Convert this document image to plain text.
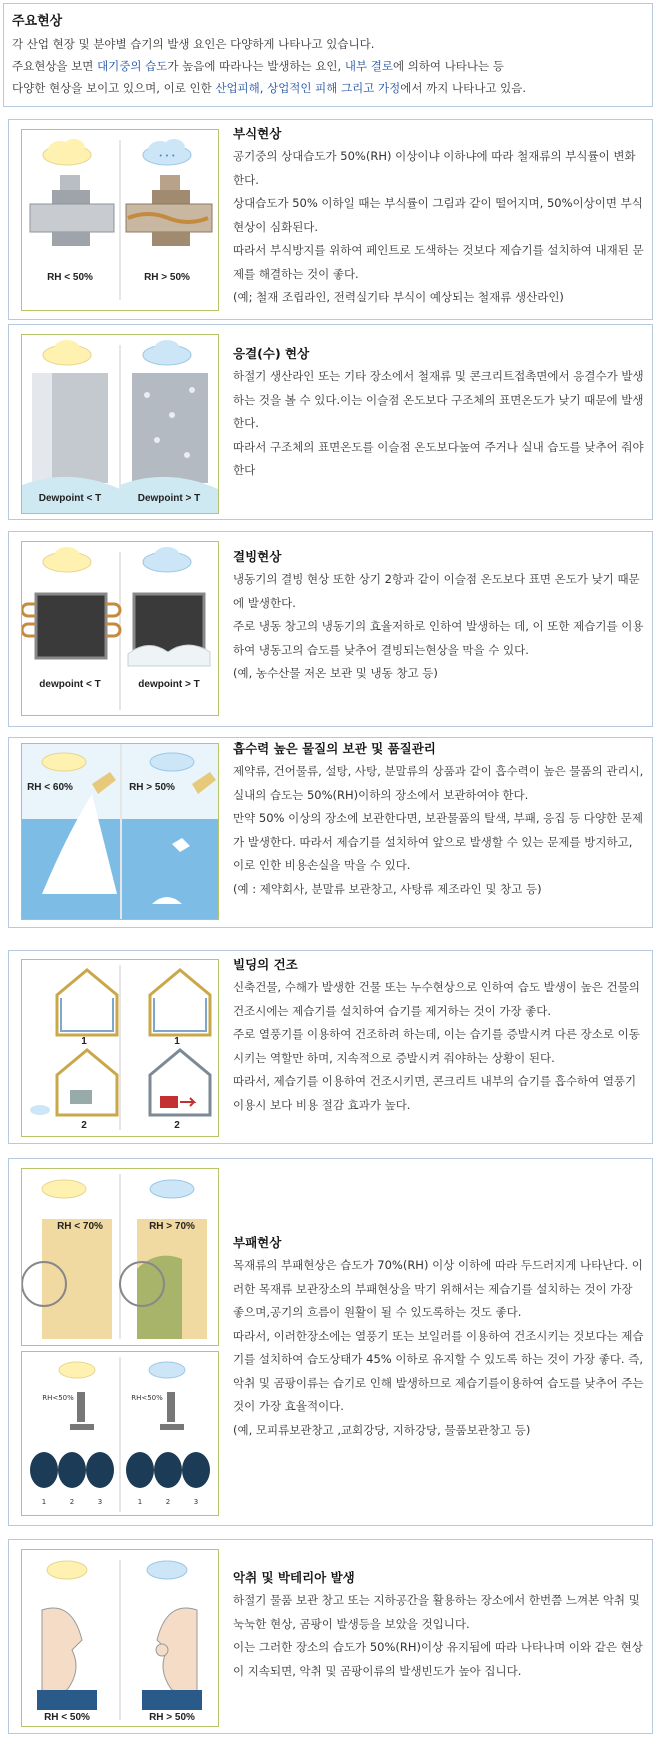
주요현상

각 산업 현장 및 분야별 습기의 발생 요인은 다양하게 나타나고 있습니다.

주요현상을 보면 대기중의 습도가 높음에 따라나는 발생하는 요인, 내부 결로에 의하여 나타나는 등

다양한 현상을 보이고 있으며, 이로 인한 산업피해, 상업적인 피해 그리고 가정에서 까지 나타나고 있음.

• • •
RH < 50%	RH > 50%
부식현상

공기중의 상대습도가 50%(RH) 이상이냐 이하냐에 따라 철재류의 부식률이 변화 한다.

상대습도가 50% 이하일 때는 부식률이 그림과 같이 떨어지며, 50%이상이면 부식현상이 심화된다.

따라서 부식방지를 위하여 페인트로 도색하는 것보다 제습기를 설치하여 내재된 문제를 해결하는 것이 좋다.

(예; 철재 조립라인, 전력실기타 부식이 예상되는 철재류 생산라인)

Dewpoint < T	Dewpoint > T
응결(수) 현상

하절기 생산라인 또는 기타 장소에서 철재류 및 콘크리트접촉면에서 응결수가 발생하는 것을 볼 수 있다.이는 이슬점 온도보다 구조체의 표면온도가 낮기 때문에 발생한다.

따라서 구조체의 표면온도를 이슬점 온도보다높여 주거나 실내 습도를 낮추어 줘야한다

dewpoint < T	dewpoint > T
결빙현상

냉동기의 결빙 현상 또한 상기 2항과 같이 이슬점 온도보다 표면 온도가 낮기 때문에 발생한다.

주로 냉동 창고의 냉동기의 효율저하로 인하여 발생하는 데, 이 또한 제습기를 이용하여 냉동고의 습도를 낮추어 결빙되는현상을 막을 수 있다.

(예, 농수산물 저온 보관 및 냉동 창고 등)

RH < 60%	RH > 50%
흡수력 높은 물질의 보관 및 품질관리

제약류, 건어물류, 설탕, 사탕, 분말류의 상품과 같이 흡수력이 높은 물품의 관리시, 실내의 습도는 50%(RH)이하의 장소에서 보관하여야 한다.

만약 50% 이상의 장소에 보관한다면, 보관물품의 탈색, 부패, 응집 등 다양한 문제가 발생한다. 따라서 제습기를 설치하여 앞으로 발생할 수 있는 문제를 방지하고, 이로 인한 비용손실을 막을 수 있다.

(예 : 제약회사, 분말류 보관창고, 사탕류 제조라인 및 창고 등)

1	1
2	2
빌딩의 건조

신축건물, 수해가 발생한 건물 또는 누수현상으로 인하여 습도 발생이 높은 건물의 건조시에는 제습기를 설치하여 습기를 제거하는 것이 가장 좋다.

주로 열풍기를 이용하여 건조하려 하는데, 이는 습기를 증발시켜 다른 장소로 이동 시키는 역할만 하며, 지속적으로 증발시켜 줘야하는 상황이 된다.

따라서, 제습기를 이용하여 건조시키면, 콘크리트 내부의 습기를 흡수하여 열풍기 이용시 보다 비용 절감 효과가 높다.

RH < 70%	RH > 70%
RH<50%	RH<50%
1	2	3	1	2	3
부패현상

목재류의 부패현상은 습도가 70%(RH) 이상 이하에 따라 두드러지게 나타난다. 이러한 목재류 보관장소의 부패현상을 막기 위해서는 제습기를 설치하는 것이 가장 좋으며,공기의 흐름이 원활이 될 수 있도록하는 것도 좋다.

따라서, 이러한장소에는 열풍기 또는 보일러를 이용하여 건조시키는 것보다는 제습기를 설치하여 습도상태가 45% 이하로 유지할 수 있도록 하는 것이 가장 좋다. 즉, 악취 및 곰팡이류는 습기로 인해 발생하므로 제습기를이용하여 습도를 낮추어 주는 것이 가장 효율적이다.

(예, 모피류보관창고 ,교회강당, 지하강당, 물품보관창고 등)

RH < 50%	RH > 50%
악취 및 박테리아 발생

하절기 물품 보관 창고 또는 지하공간을 활용하는 장소에서 한번쯤 느껴본 악취 및 눅눅한 현상, 곰팡이 발생등을 보았을 것입니다.

이는 그러한 장소의 습도가 50%(RH)이상 유지됨에 따라 나타나며 이와 같은 현상이 지속되면, 악취 및 곰팡이류의 발생빈도가 높아 집니다.
